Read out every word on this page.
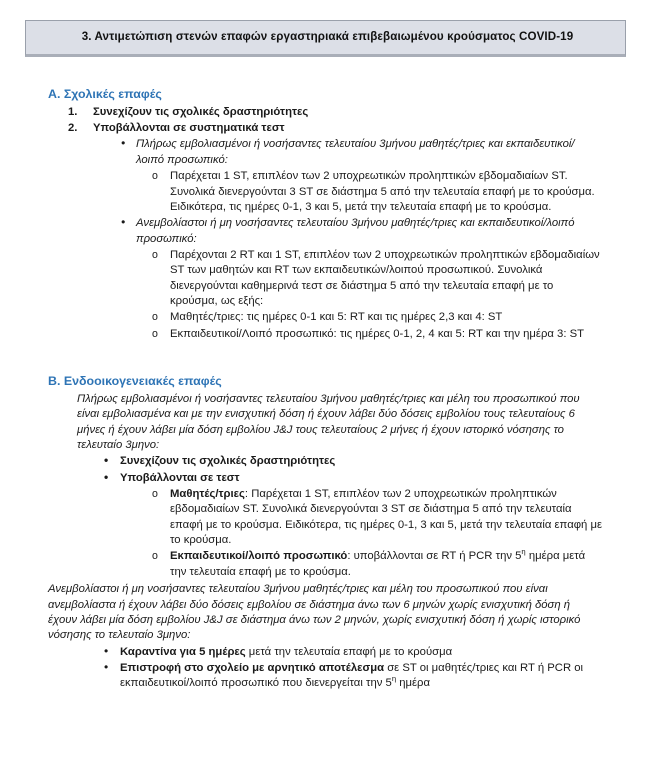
3. Αντιμετώπιση στενών επαφών εργαστηριακά επιβεβαιωμένου κρούσματος COVID-19
Α. Σχολικές επαφές
1.	Συνεχίζουν τις σχολικές δραστηριότητες
2.	Υποβάλλονται σε συστηματικά τεστ
• Πλήρως εμβολιασμένοι ή νοσήσαντες τελευταίου 3μήνου μαθητές/τριες και εκπαιδευτικοί/λοιπό προσωπικό:
o Παρέχεται 1 ST, επιπλέον των 2 υποχρεωτικών προληπτικών εβδομαδιαίων ST. Συνολικά διενεργούνται 3 ST σε διάστημα 5 από την τελευταία επαφή με το κρούσμα. Ειδικότερα, τις ημέρες 0-1, 3 και 5, μετά την τελευταία επαφή με το κρούσμα.
• Ανεμβολίαστοι ή μη νοσήσαντες τελευταίου 3μήνου μαθητές/τριες και εκπαιδευτικοί/λοιπό προσωπικό:
o Παρέχονται 2 RT και 1 ST, επιπλέον των 2 υποχρεωτικών προληπτικών εβδομαδιαίων ST των μαθητών και RT των εκπαιδευτικών/λοιπού προσωπικού. Συνολικά διενεργούνται καθημερινά τεστ σε διάστημα 5 από την τελευταία επαφή με το κρούσμα, ως εξής:
o Μαθητές/τριες: τις ημέρες 0-1 και 5: RT και τις ημέρες 2,3 και 4: ST
o Εκπαιδευτικοί/Λοιπό προσωπικό: τις ημέρες 0-1, 2, 4 και 5: RT και την ημέρα 3: ST
Β. Ενδοοικογενειακές επαφές
Πλήρως εμβολιασμένοι ή νοσήσαντες τελευταίου 3μήνου μαθητές/τριες και μέλη του προσωπικού που είναι εμβολιασμένα και με την ενισχυτική δόση ή έχουν λάβει δύο δόσεις εμβολίου τους τελευταίους 6 μήνες ή έχουν λάβει μία δόση εμβολίου J&J τους τελευταίους 2 μήνες ή έχουν ιστορικό νόσησης το τελευταίο 3μηνο:
• Συνεχίζουν τις σχολικές δραστηριότητες
• Υποβάλλονται σε τεστ
o Μαθητές/τριες: Παρέχεται 1 ST, επιπλέον των 2 υποχρεωτικών προληπτικών εβδομαδιαίων ST. Συνολικά διενεργούνται 3 ST σε διάστημα 5 από την τελευταία επαφή με το κρούσμα. Ειδικότερα, τις ημέρες 0-1, 3 και 5, μετά την τελευταία επαφή με το κρούσμα.
o Εκπαιδευτικοί/λοιπό προσωπικό: υποβάλλονται σε RT ή PCR την $5^\eta$ ημέρα μετά την τελευταία επαφή με το κρούσμα.
Ανεμβολίαστοι ή μη νοσήσαντες τελευταίου 3μήνου μαθητές/τριες και μέλη του προσωπικού που είναι ανεμβολίαστα ή έχουν λάβει δύο δόσεις εμβολίου σε διάστημα άνω των 6 μηνών χωρίς ενισχυτική δόση ή έχουν λάβει μία δόση εμβολίου J&J σε διάστημα άνω των 2 μηνών, χωρίς ενισχυτική δόση ή χωρίς ιστορικό νόσησης το τελευταίο 3μηνο:
• Καραντίνα για 5 ημέρες μετά την τελευταία επαφή με το κρούσμα
• Επιστροφή στο σχολείο με αρνητικό αποτέλεσμα σε ST οι μαθητές/τριες και RT ή PCR οι εκπαιδευτικοί/λοιπό προσωπικό που διενεργείται την $5^\eta$ ημέρα
